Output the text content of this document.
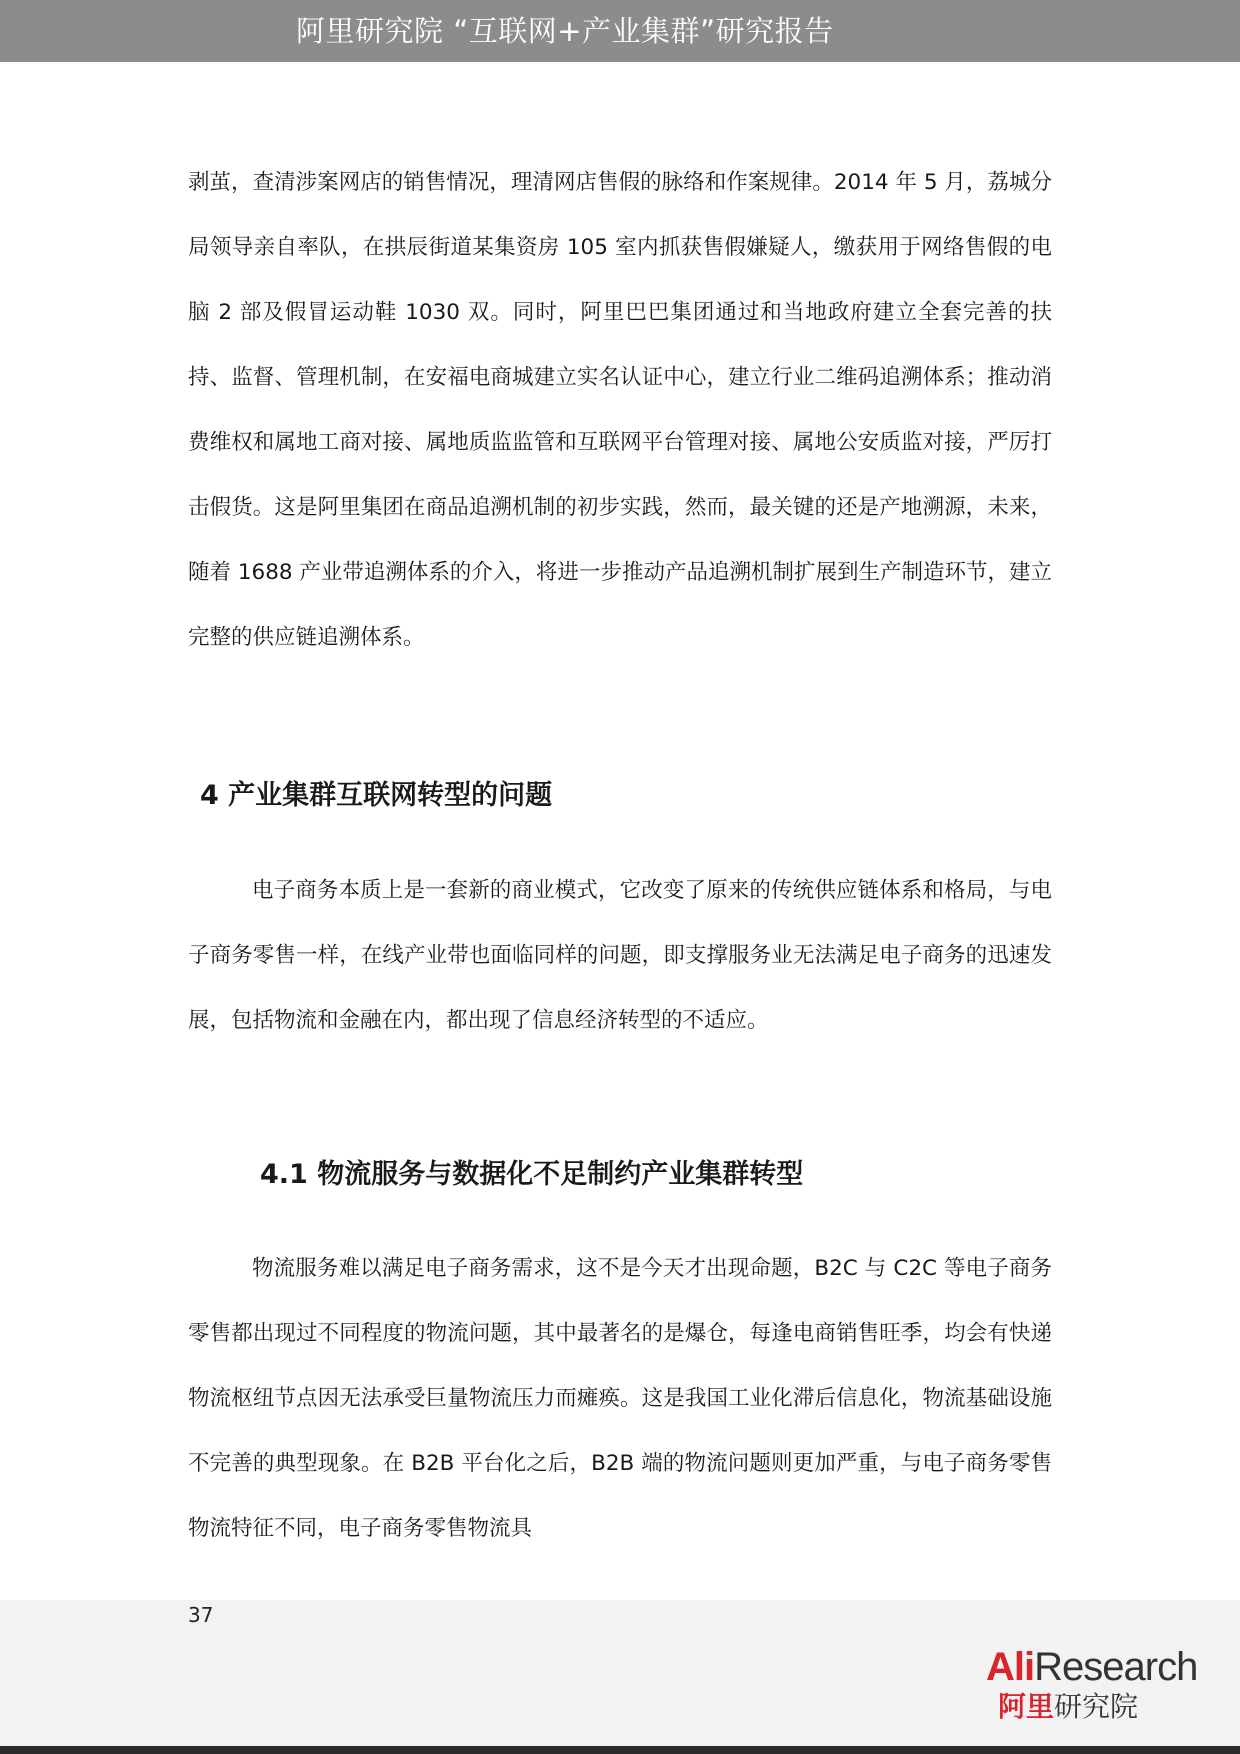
阿里研究院 “互联网+产业集群”研究报告

剥茧，查清涉案网店的销售情况，理清网店售假的脉络和作案规律。2014 年 5 月，荔城分局领导亲自率队，在拱辰街道某集资房 105 室内抓获售假嫌疑人，缴获用于网络售假的电脑 2 部及假冒运动鞋 1030 双。同时，阿里巴巴集团通过和当地政府建立全套完善的扶持、监督、管理机制，在安福电商城建立实名认证中心，建立行业二维码追溯体系；推动消费维权和属地工商对接、属地质监监管和互联网平台管理对接、属地公安质监对接，严厉打击假货。这是阿里集团在商品追溯机制的初步实践，然而，最关键的还是产地溯源，未来，随着 1688 产业带追溯体系的介入，将进一步推动产品追溯机制扩展到生产制造环节，建立完整的供应链追溯体系。

4 产业集群互联网转型的问题

电子商务本质上是一套新的商业模式，它改变了原来的传统供应链体系和格局，与电子商务零售一样，在线产业带也面临同样的问题，即支撑服务业无法满足电子商务的迅速发展，包括物流和金融在内，都出现了信息经济转型的不适应。

4.1 物流服务与数据化不足制约产业集群转型

物流服务难以满足电子商务需求，这不是今天才出现命题，B2C 与 C2C 等电子商务零售都出现过不同程度的物流问题，其中最著名的是爆仓，每逢电商销售旺季，均会有快递物流枢纽节点因无法承受巨量物流压力而瘫痪。这是我国工业化滞后信息化，物流基础设施不完善的典型现象。在 B2B 平台化之后，B2B 端的物流问题则更加严重，与电子商务零售物流特征不同，电子商务零售物流具

37
AliResearch
阿里研究院
